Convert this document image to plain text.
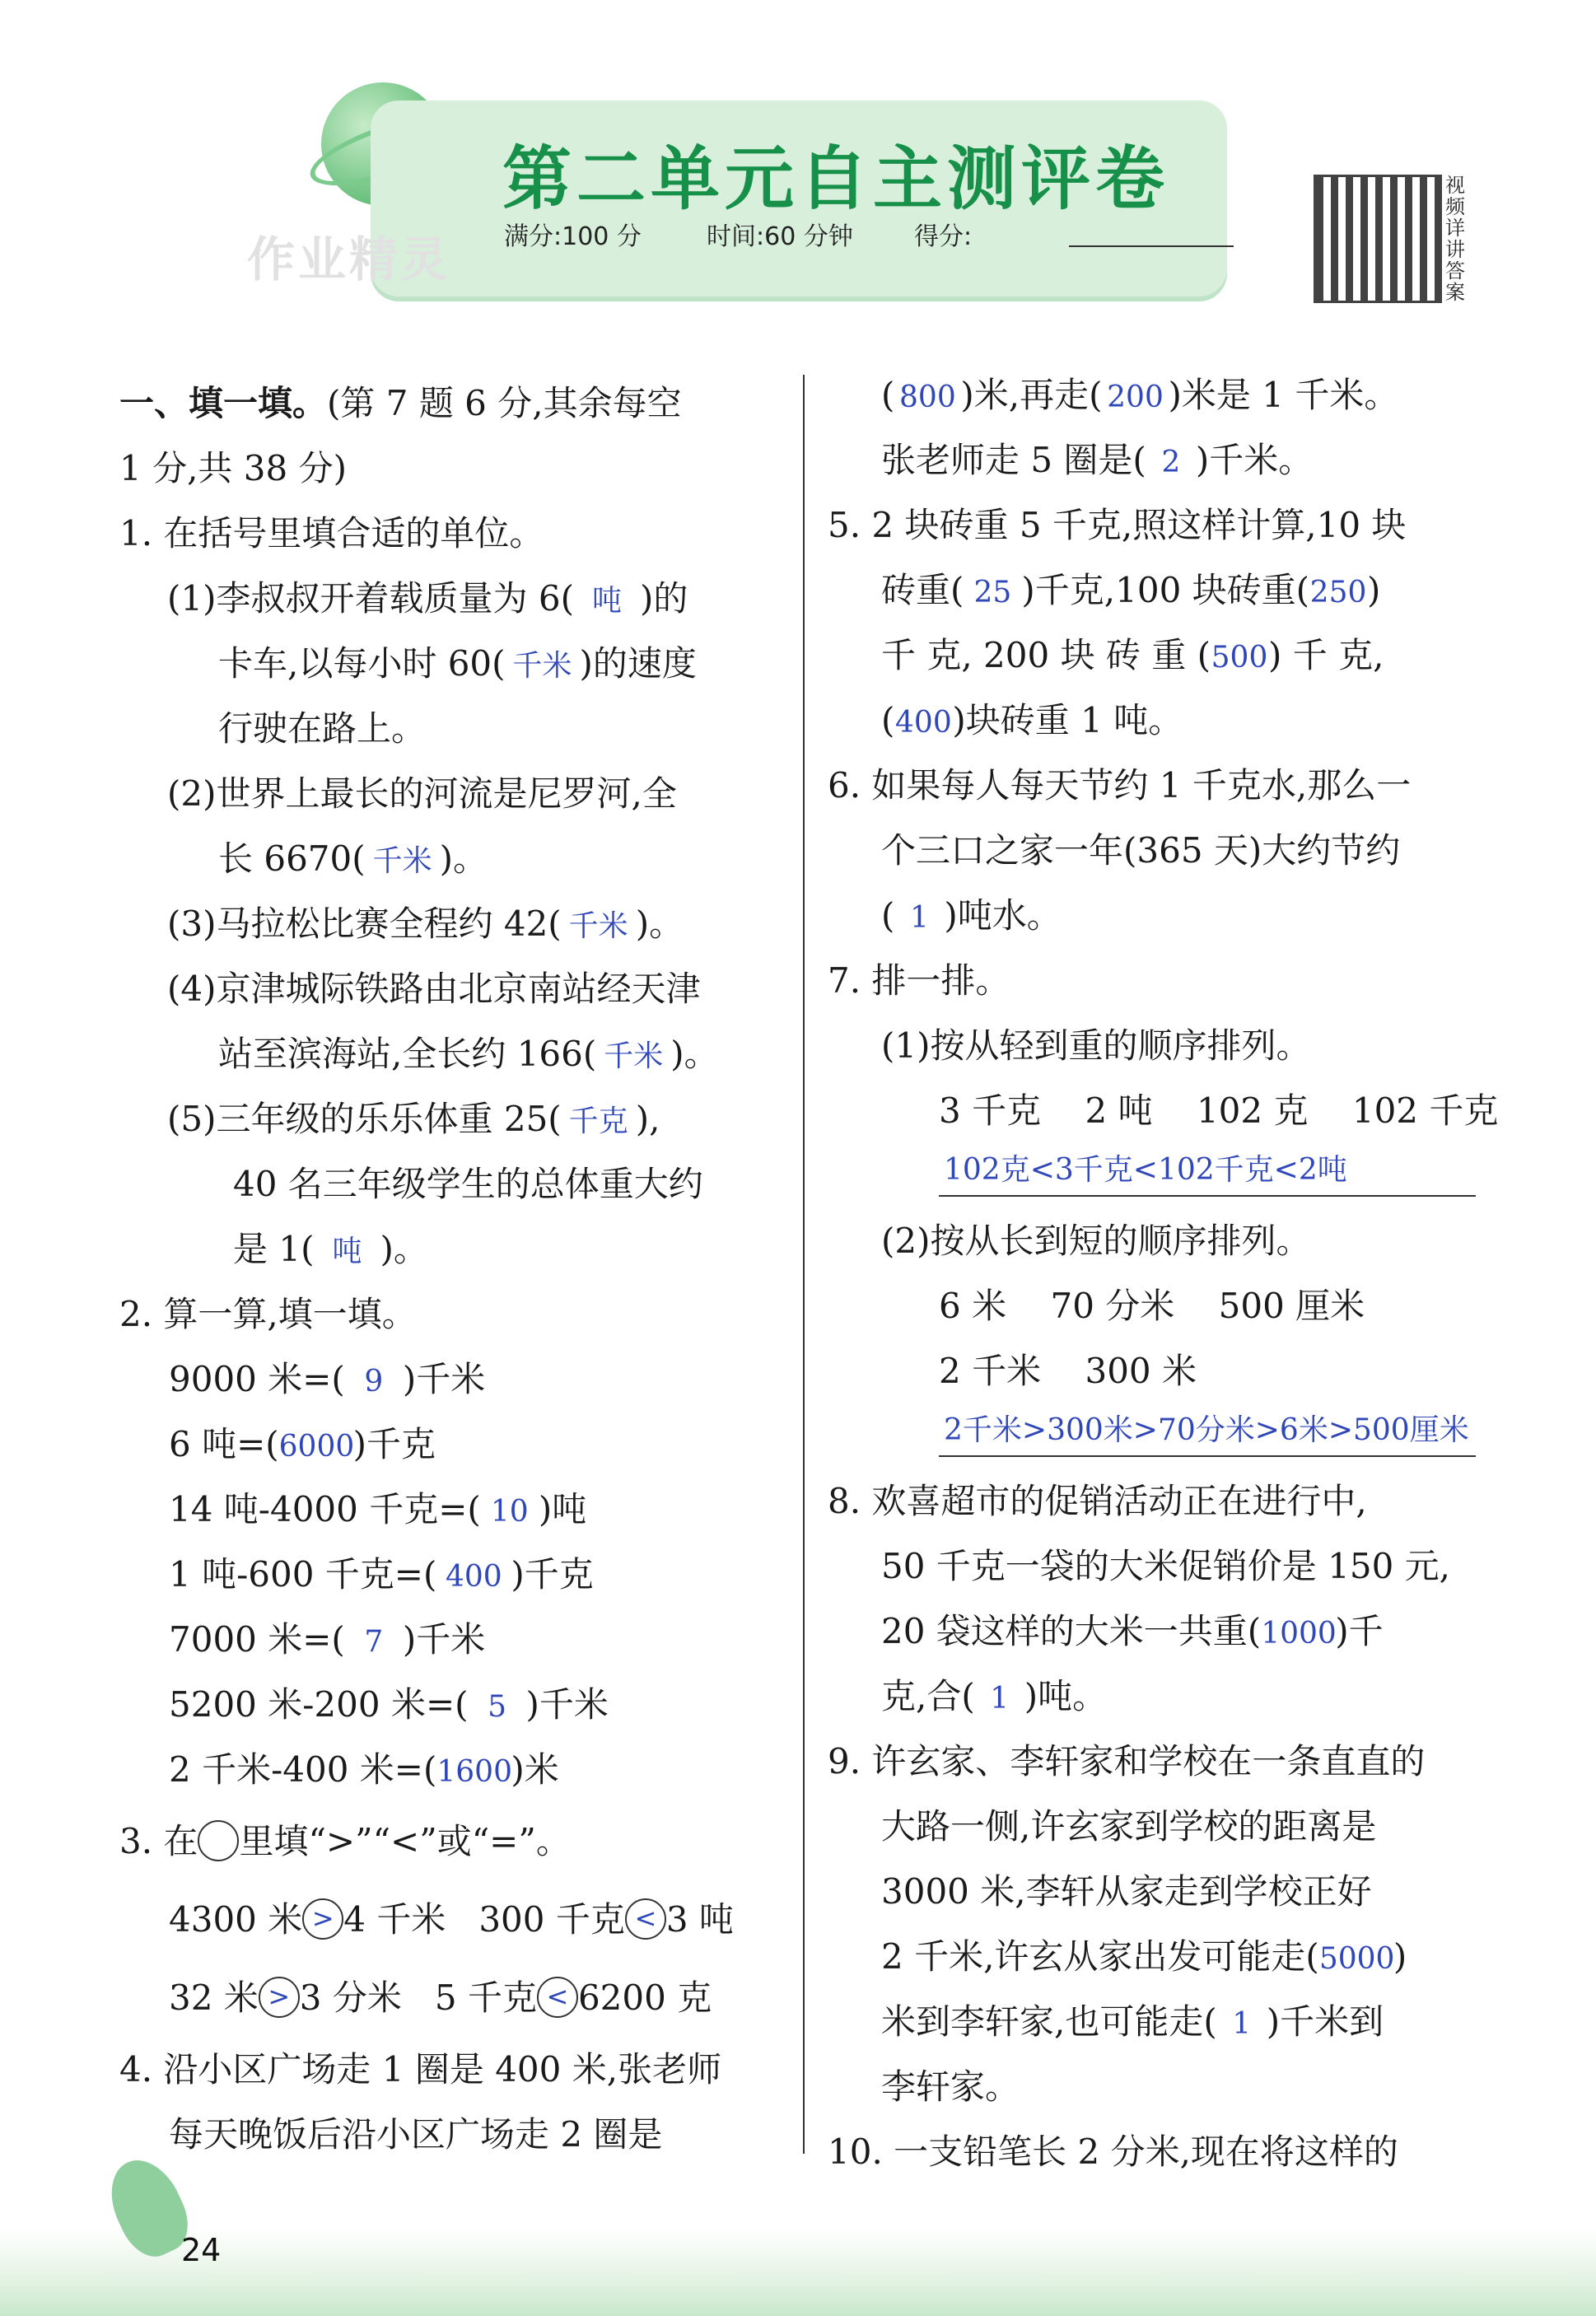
第二单元自主测评卷
作业精灵 满分:100 分	时间:60 分钟 得分:
视频详讲答案
一、填一填。(第 7 题 6 分,其余每空
1 分,共 38 分)
1. 在括号里填合适的单位。
(1)李叔叔开着载质量为 6( 吨 )的
卡车,以每小时 60( 千米 )的速度
行驶在路上。
(2)世界上最长的河流是尼罗河,全
长 6670( 千米 )。
(3)马拉松比赛全程约 42( 千米 )。
(4)京津城际铁路由北京南站经天津
站至滨海站,全长约 166( 千米 )。
(5)三年级的乐乐体重 25( 千克 ),
40 名三年级学生的总体重大约
是 1( 吨 )。
2. 算一算,填一填。
9000 米=( 9 )千米
6 吨=(6000)千克
14 吨-4000 千克=( 10 )吨
1 吨-600 千克=( 400 )千克
7000 米=( 7 )千米
5200 米-200 米=( 5 )千米
2 千米-400 米=(1600)米
3. 在 里填“>”“<”或“=”。
4300 米 > 4 千米 300 千克 < 3 吨
32 米 > 3 分米 5 千克 < 6200 克
4. 沿小区广场走 1 圈是 400 米,张老师
每天晚饭后沿小区广场走 2 圈是
( 800 )米,再走( 200 )米是 1 千米。
张老师走 5 圈是( 2 )千米。
5. 2 块砖重 5 千克,照这样计算,10 块
砖重( 25 )千克,100 块砖重(250)
千 克, 200 块 砖 重 (500) 千 克,
(400)块砖重 1 吨。
6. 如果每人每天节约 1 千克水,那么一
个三口之家一年(365 天)大约节约
( 1 )吨水。
7. 排一排。
(1)按从轻到重的顺序排列。
3 千克    2 吨    102 克    102 千克
102克<3千克<102千克<2吨
(2)按从长到短的顺序排列。
6 米    70 分米    500 厘米
2 千米    300 米
2千米>300米>70分米>6米>500厘米
8. 欢喜超市的促销活动正在进行中,
50 千克一袋的大米促销价是 150 元,
20 袋这样的大米一共重(1000)千
克,合( 1 )吨。
9. 许玄家、李轩家和学校在一条直直的
大路一侧,许玄家到学校的距离是
3000 米,李轩从家走到学校正好
2 千米,许玄从家出发可能走(5000)
米到李轩家,也可能走( 1 )千米到
李轩家。
10. 一支铅笔长 2 分米,现在将这样的
24
